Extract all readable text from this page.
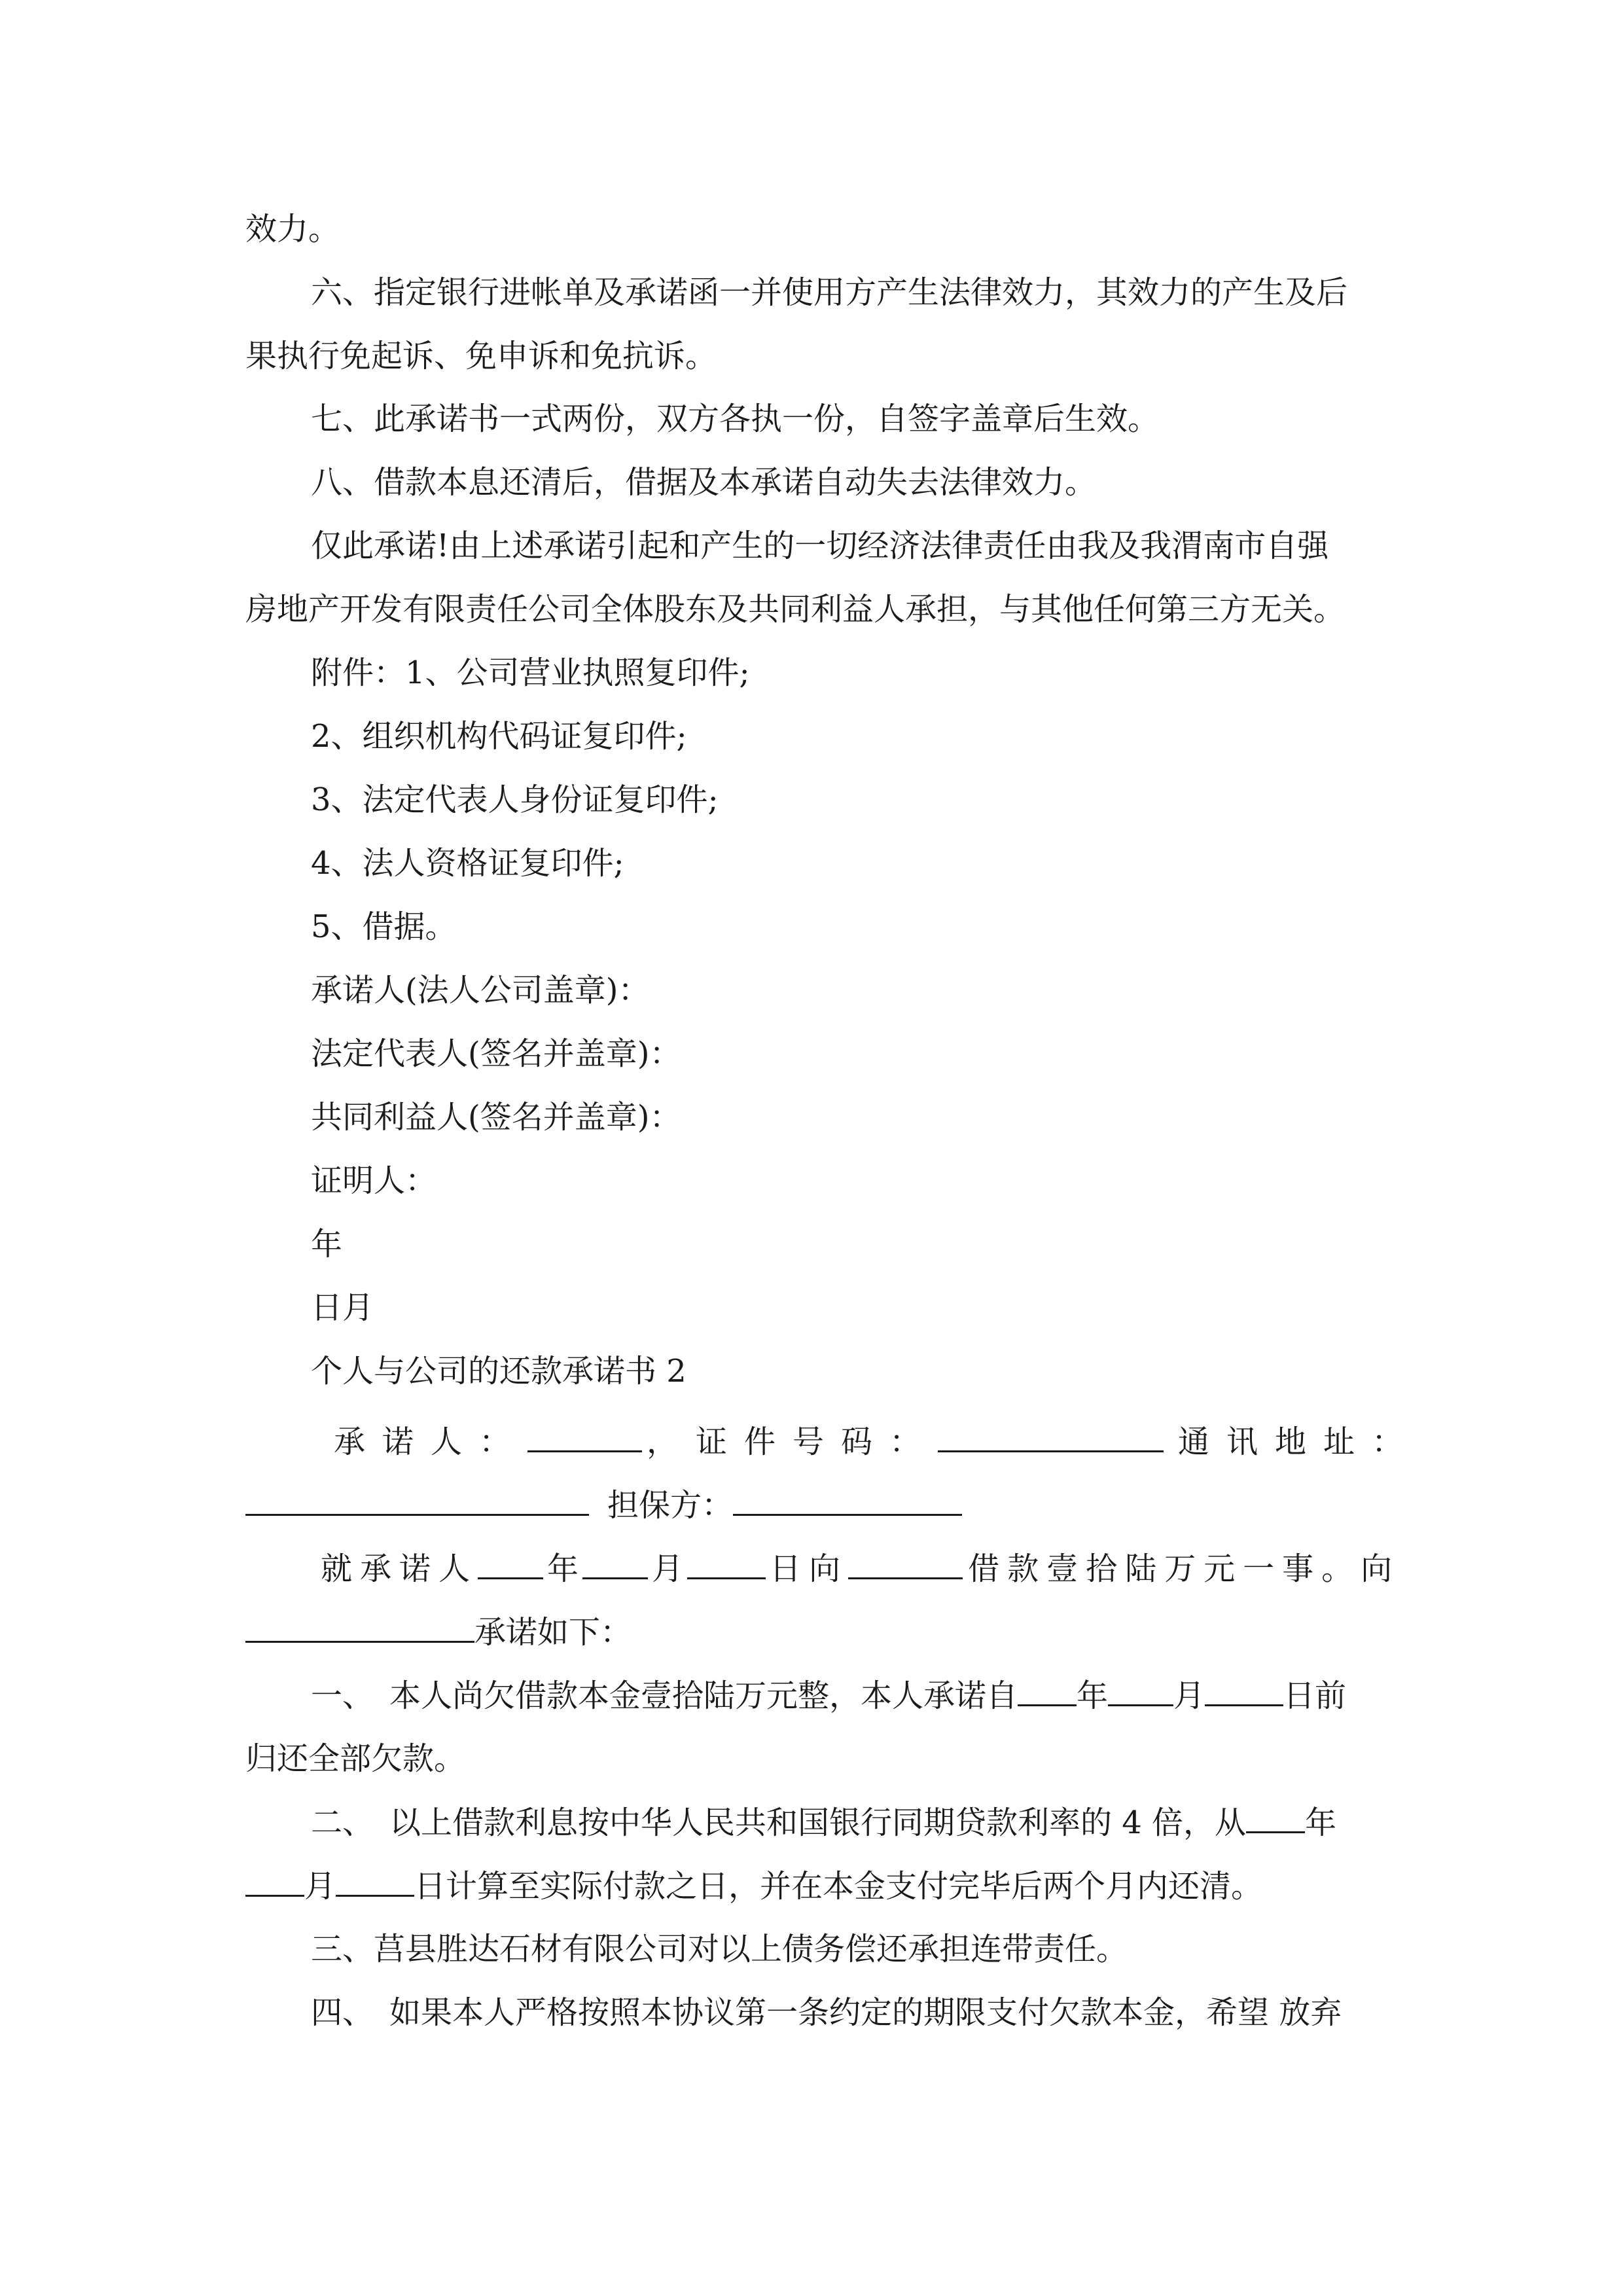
效力。
六、指定银行进帐单及承诺函一并使用方产生法律效力，其效力的产生及后
果执行免起诉、免申诉和免抗诉。
七、此承诺书一式两份，双方各执一份，自签字盖章后生效。
八、借款本息还清后，借据及本承诺自动失去法律效力。
仅此承诺!由上述承诺引起和产生的一切经济法律责任由我及我渭南市自强
房地产开发有限责任公司全体股东及共同利益人承担，与其他任何第三方无关。
附件：1、公司营业执照复印件;
2、组织机构代码证复印件;
3、法定代表人身份证复印件;
4、法人资格证复印件;
5、借据。
承诺人(法人公司盖章)：
法定代表人(签名并盖章)：
共同利益人(签名并盖章)：
证明人：
年
日月
个人与公司的还款承诺书 2
承诺人：	， 证件号码：	通讯地址：
担保方：
就承诺人 年 月	日向	借款壹拾陆万元一事。向
承诺如下：
一、　本人尚欠借款本金壹拾陆万元整，本人承诺自 年 月	日前
归还全部欠款。
二、　以上借款利息按中华人民共和国银行同期贷款利率的 4 倍，从 年
月	日计算至实际付款之日，并在本金支付完毕后两个月内还清。
三、莒县胜达石材有限公司对以上债务偿还承担连带责任。
四、　如果本人严格按照本协议第一条约定的期限支付欠款本金，希望 放弃
